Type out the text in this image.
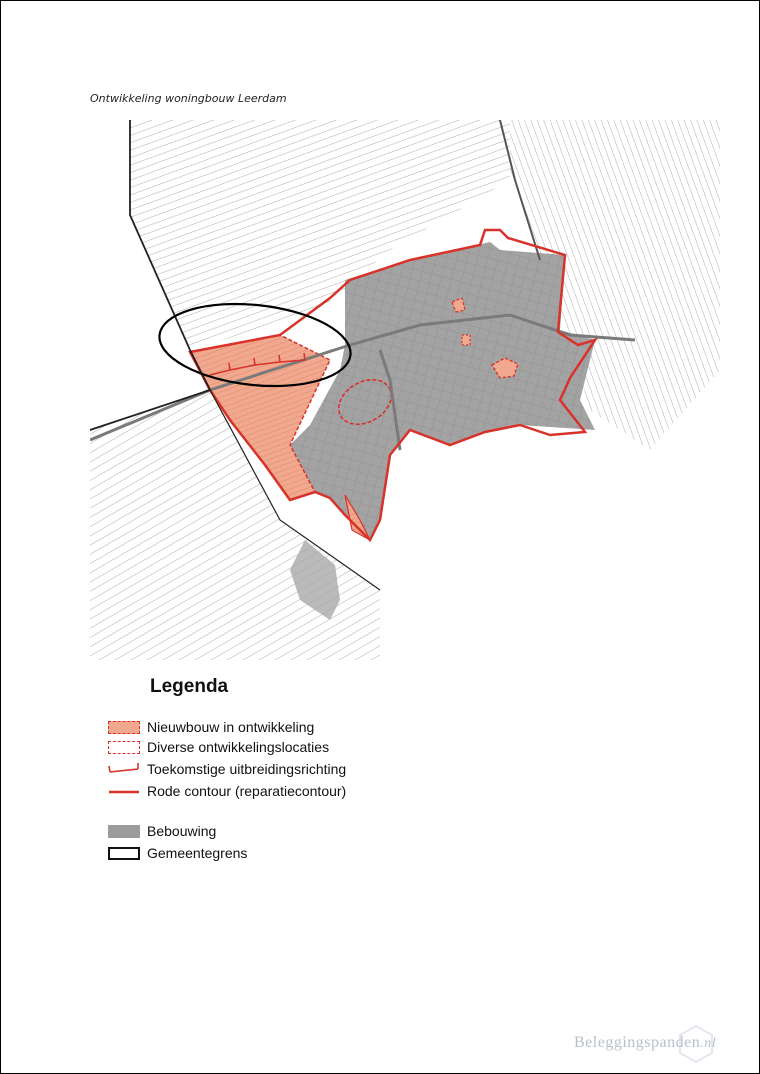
Ontwikkeling woningbouw Leerdam
Legenda
Nieuwbouw in ontwikkeling
Diverse ontwikkelingslocaties
Toekomstige uitbreidingsrichting
Rode contour (reparatiecontour)
Bebouwing
Gemeentegrens
Beleggingspanden.nl
